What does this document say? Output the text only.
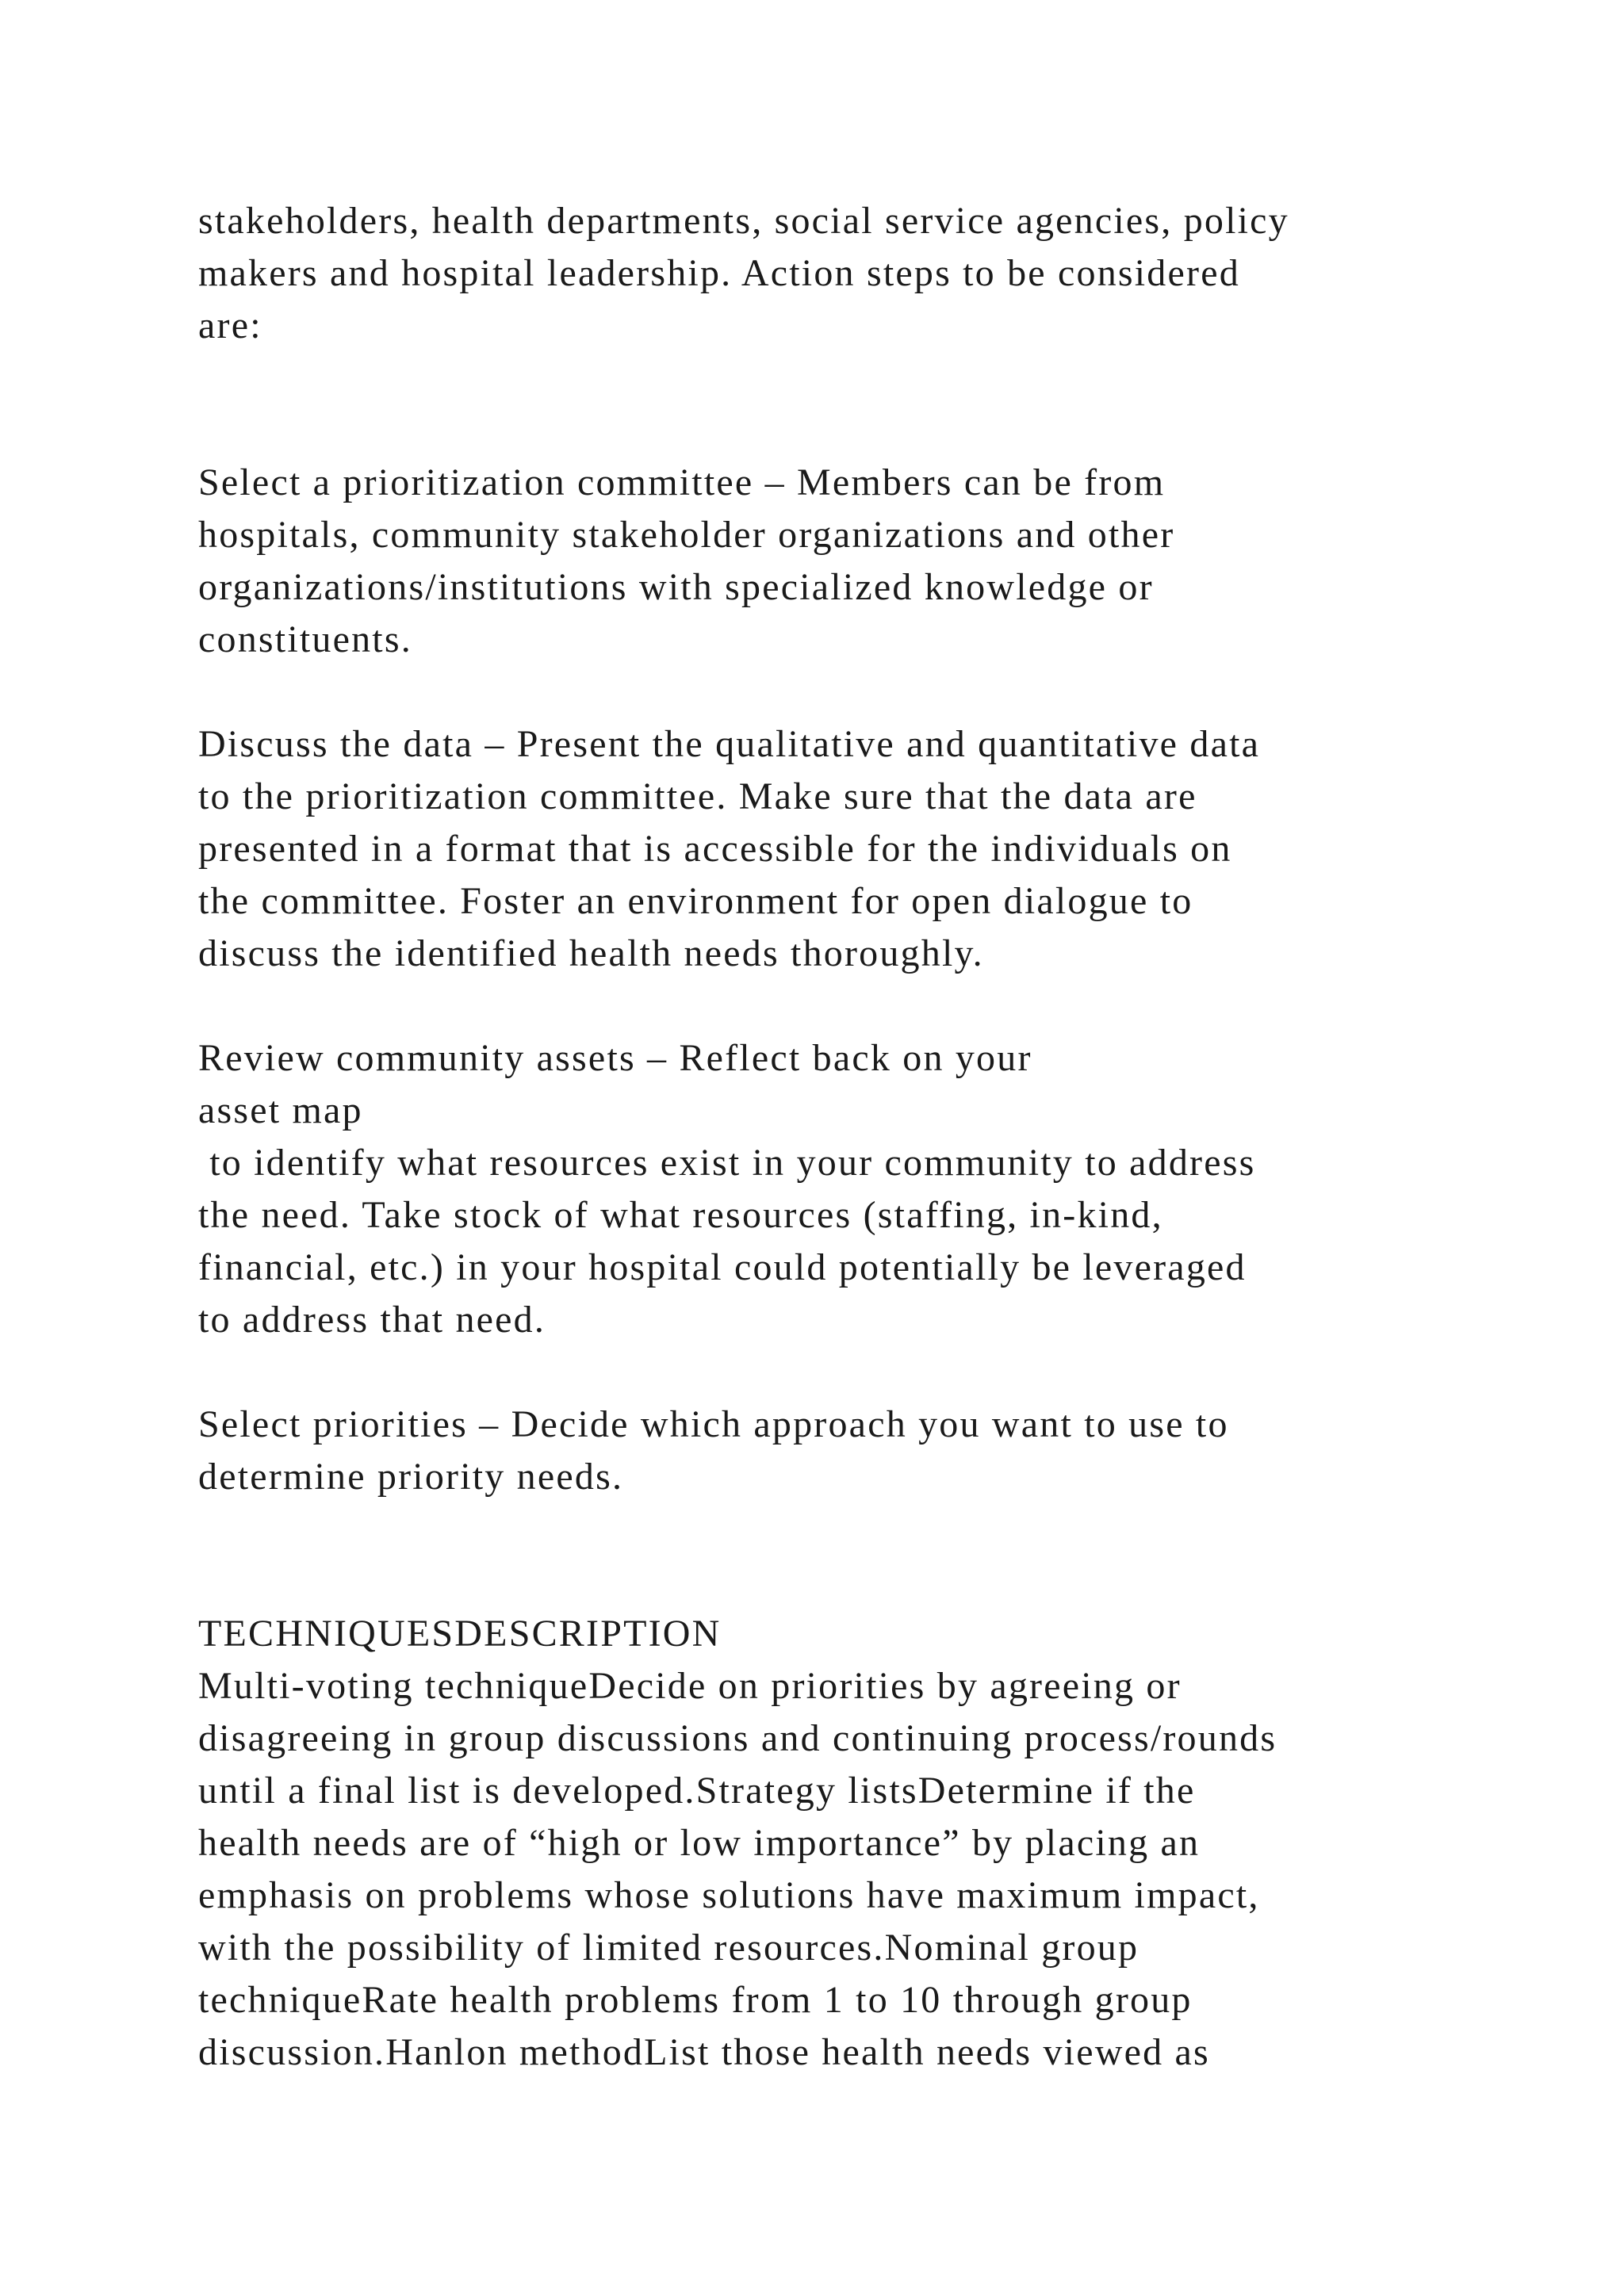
stakeholders, health departments, social service agencies, policy
makers and hospital leadership. Action steps to be considered
are:
Select a prioritization committee – Members can be from
hospitals, community stakeholder organizations and other
organizations/institutions with specialized knowledge or
constituents.
Discuss the data – Present the qualitative and quantitative data
to the prioritization committee. Make sure that the data are
presented in a format that is accessible for the individuals on
the committee. Foster an environment for open dialogue to
discuss the identified health needs thoroughly.
Review community assets – Reflect back on your
asset map
to identify what resources exist in your community to address
the need. Take stock of what resources (staffing, in-kind,
financial, etc.) in your hospital could potentially be leveraged
to address that need.
Select priorities – Decide which approach you want to use to
determine priority needs.
TECHNIQUESDESCRIPTION
Multi-voting techniqueDecide on priorities by agreeing or
disagreeing in group discussions and continuing process/rounds
until a final list is developed.Strategy listsDetermine if the
health needs are of “high or low importance” by placing an
emphasis on problems whose solutions have maximum impact,
with the possibility of limited resources.Nominal group
techniqueRate health problems from 1 to 10 through group
discussion.Hanlon methodList those health needs viewed as
